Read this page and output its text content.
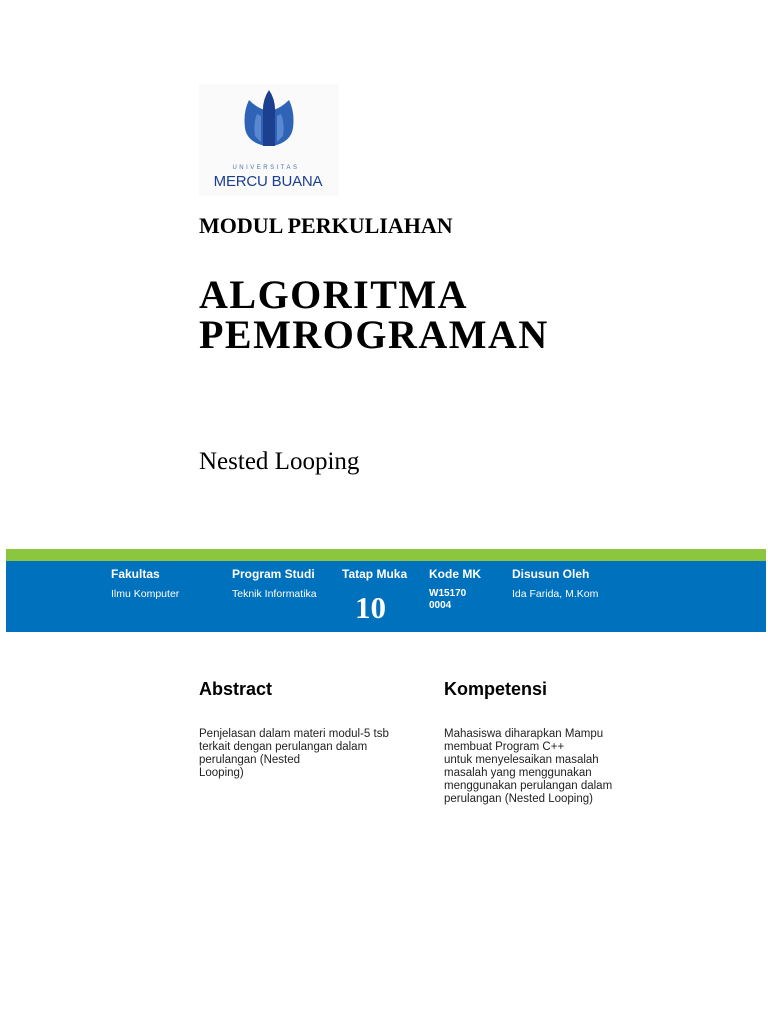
UNIVERSITAS
MERCU BUANA
MODUL PERKULIAHAN
ALGORITMA
PEMROGRAMAN
Nested Looping
Fakultas
Ilmu Komputer
Program Studi
Teknik Informatika
Tatap Muka
10
Kode MK
W151700004
Disusun Oleh
Ida Farida, M.Kom
Abstract
Penjelasan dalam materi modul-5 tsb
terkait dengan perulangan dalam
perulangan (Nested
Looping)
Kompetensi
Mahasiswa diharapkan Mampu
membuat Program C++
untuk menyelesaikan masalah
masalah yang menggunakan
menggunakan perulangan dalam
perulangan (Nested Looping)
